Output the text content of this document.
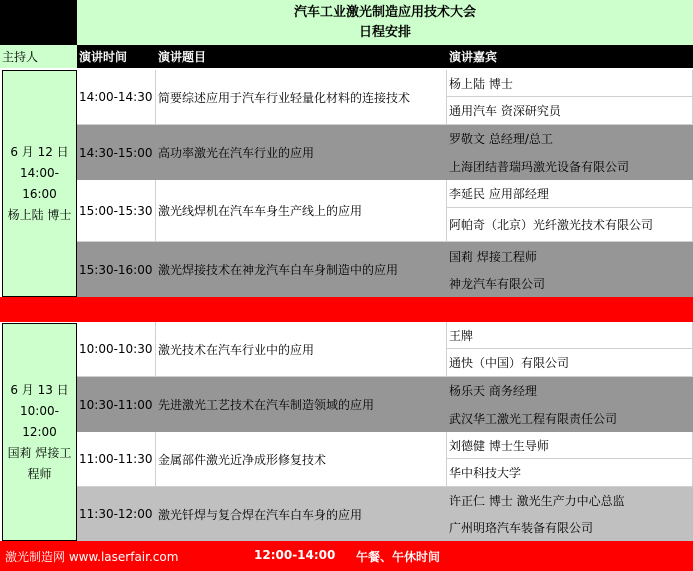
汽车工业激光制造应用技术大会
日程安排
主持人	演讲时间	演讲题目	演讲嘉宾
6 月 12 日
14:00-16:00
杨上陆 博士
14:00-14:30 简要综述应用于汽车行业轻量化材料的连接技术
杨上陆 博士
通用汽车 资深研究员
14:30-15:00 高功率激光在汽车行业的应用
罗敬文 总经理/总工
上海团结普瑞玛激光设备有限公司
15:00-15:30 激光线焊机在汽车车身生产线上的应用
李延民 应用部经理
阿帕奇（北京）光纤激光技术有限公司
15:30-16:00 激光焊接技术在神龙汽车白车身制造中的应用
国莉 焊接工程师
神龙汽车有限公司
6 月 13 日
10:00-12:00
国莉 焊接工
程师
10:00-10:30 激光技术在汽车行业中的应用
王牌
通快（中国）有限公司
10:30-11:00 先进激光工艺技术在汽车制造领域的应用
杨乐天 商务经理
武汉华工激光工程有限责任公司
11:00-11:30 金属部件激光近净成形修复技术
刘德健 博士生导师
华中科技大学
11:30-12:00 激光钎焊与复合焊在汽车白车身的应用
许正仁 博士 激光生产力中心总监
广州明珞汽车装备有限公司
激光制造网 www.laserfair.com	12:00-14:00 午餐、午休时间
